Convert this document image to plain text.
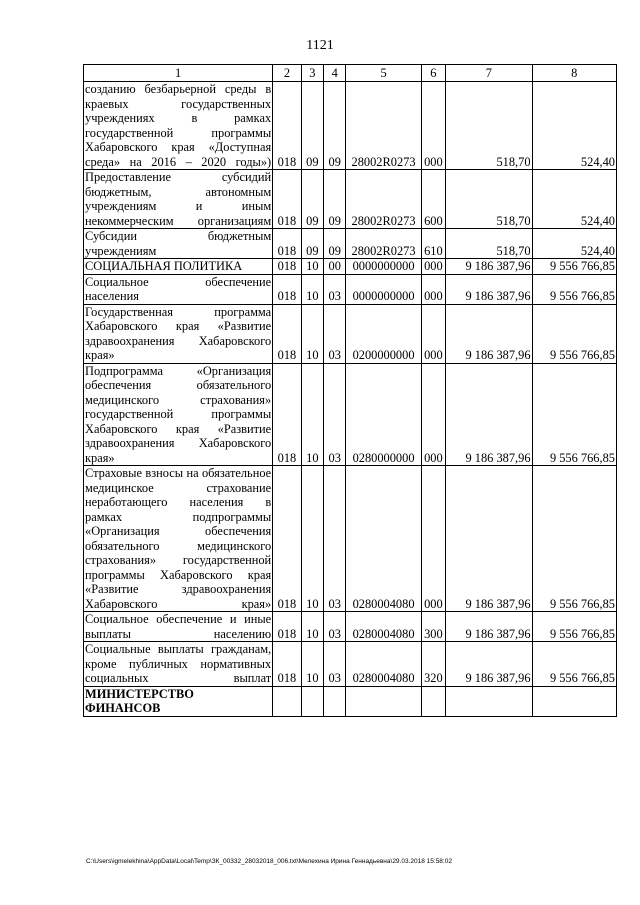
1121
1	2	3	4	5	6	7	8
созданию безбарьерной среды в краевых государственных учреждениях в рамках государственной программы Хабаровского края «Доступная среда» на 2016 – 2020 годы»)	018	09	09	28002R0273	000	518,70	524,40
Предоставление субсидий бюджетным, автономным учреждениям и иным некоммерческим организациям	018	09	09	28002R0273	600	518,70	524,40
Субсидии бюджетным учреждениям	018	09	09	28002R0273	610	518,70	524,40
СОЦИАЛЬНАЯ ПОЛИТИКА	018	10	00	0000000000	000	9 186 387,96	9 556 766,85
Социальное обеспечение населения	018	10	03	0000000000	000	9 186 387,96	9 556 766,85
Государственная программа Хабаровского края «Развитие здравоохранения Хабаровского края»	018	10	03	0200000000	000	9 186 387,96	9 556 766,85
Подпрограмма «Организация обеспечения обязательного медицинского страхования» государственной программы Хабаровского края «Развитие здравоохранения Хабаровского края»	018	10	03	0280000000	000	9 186 387,96	9 556 766,85
Страховые взносы на обязательное медицинское страхование неработающего населения в рамках подпрограммы «Организация обеспечения обязательного медицинского страхования» государственной программы Хабаровского края «Развитие здравоохранения Хабаровского края»	018	10	03	0280004080	000	9 186 387,96	9 556 766,85
Социальное обеспечение и иные выплаты населению	018	10	03	0280004080	300	9 186 387,96	9 556 766,85
Социальные выплаты гражданам, кроме публичных нормативных социальных выплат	018	10	03	0280004080	320	9 186 387,96	9 556 766,85
МИНИСТЕРСТВО ФИНАНСОВ							
C:\Users\igmelekhina\AppData\Local\Temp\ЗК_00332_28032018_006.txt\Мелехина Ирина Геннадьевна\29.03.2018 15:58:02
